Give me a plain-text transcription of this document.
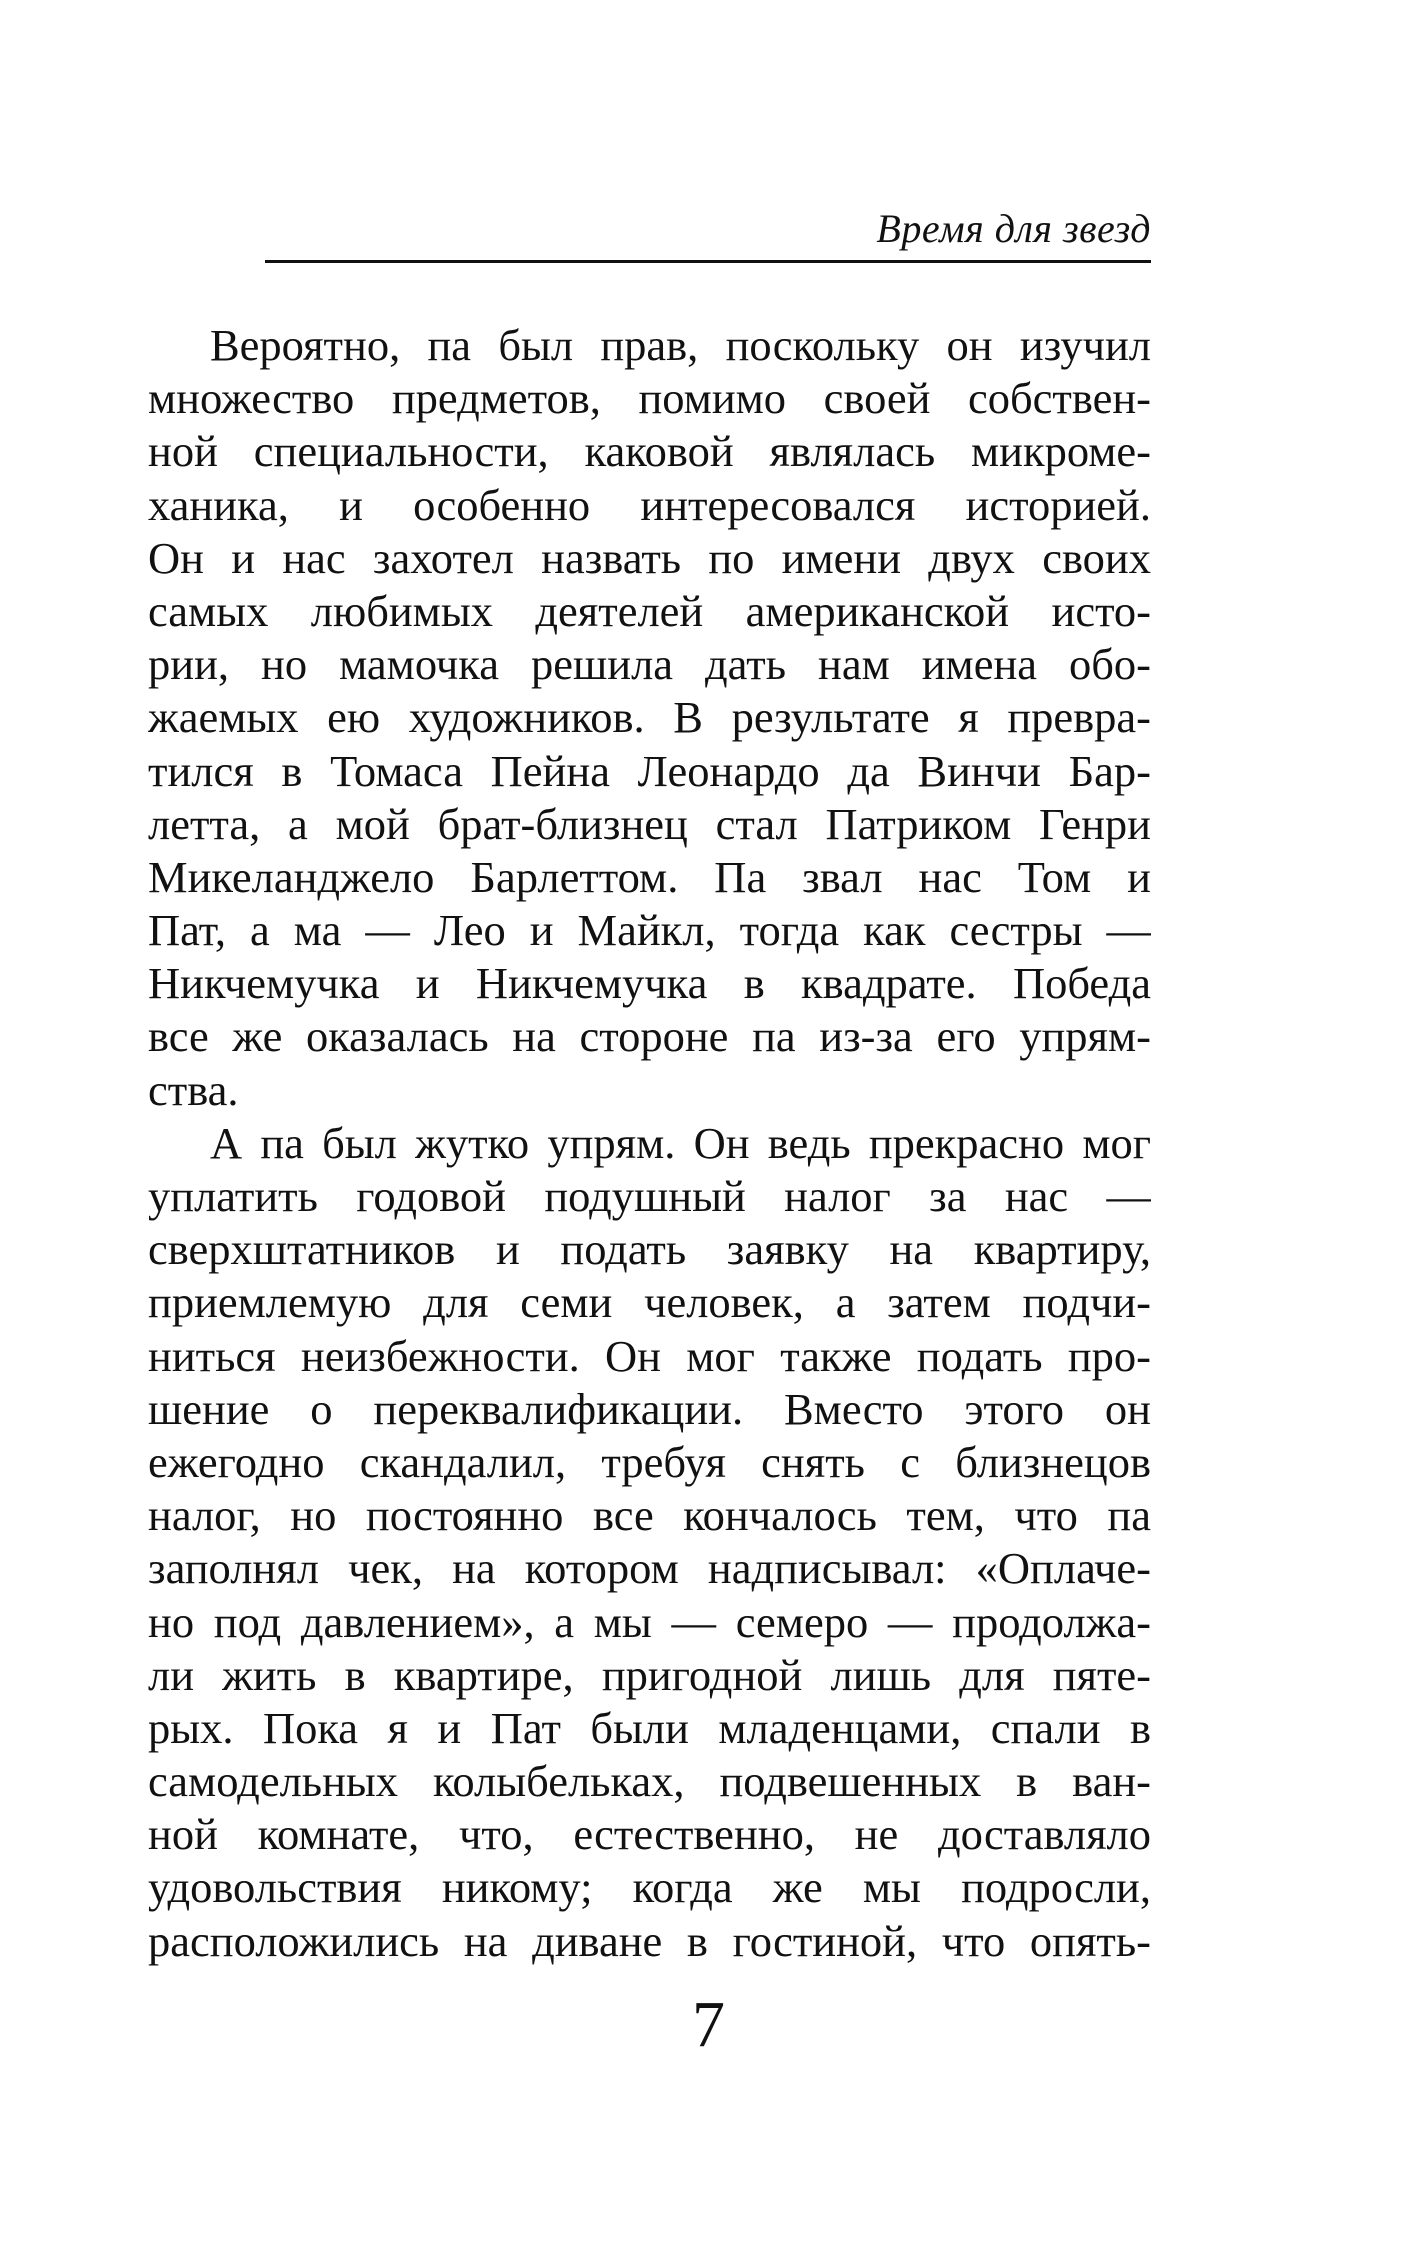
Время для звезд
Вероятно, па был прав, поскольку он изучил
множество предметов, помимо своей собствен-
ной специальности, каковой являлась микроме-
ханика, и особенно интересовался историей.
Он и нас захотел назвать по имени двух своих
самых любимых деятелей американской исто-
рии, но мамочка решила дать нам имена обо-
жаемых ею художников. В результате я превра-
тился в Томаса Пейна Леонардо да Винчи Бар-
летта, а мой брат-близнец стал Патриком Генри
Микеланджело Барлеттом. Па звал нас Том и
Пат, а ма — Лео и Майкл, тогда как сестры —
Никчемучка и Никчемучка в квадрате. Победа
все же оказалась на стороне па из-за его упрям-
ства.
А па был жутко упрям. Он ведь прекрасно мог
уплатить годовой подушный налог за нас —
сверхштатников и подать заявку на квартиру,
приемлемую для семи человек, а затем подчи-
ниться неизбежности. Он мог также подать про-
шение о переквалификации. Вместо этого он
ежегодно скандалил, требуя снять с близнецов
налог, но постоянно все кончалось тем, что па
заполнял чек, на котором надписывал: «Оплаче-
но под давлением», а мы — семеро — продолжа-
ли жить в квартире, пригодной лишь для пяте-
рых. Пока я и Пат были младенцами, спали в
самодельных колыбельках, подвешенных в ван-
ной комнате, что, естественно, не доставляло
удовольствия никому; когда же мы подросли,
расположились на диване в гостиной, что опять-
7
